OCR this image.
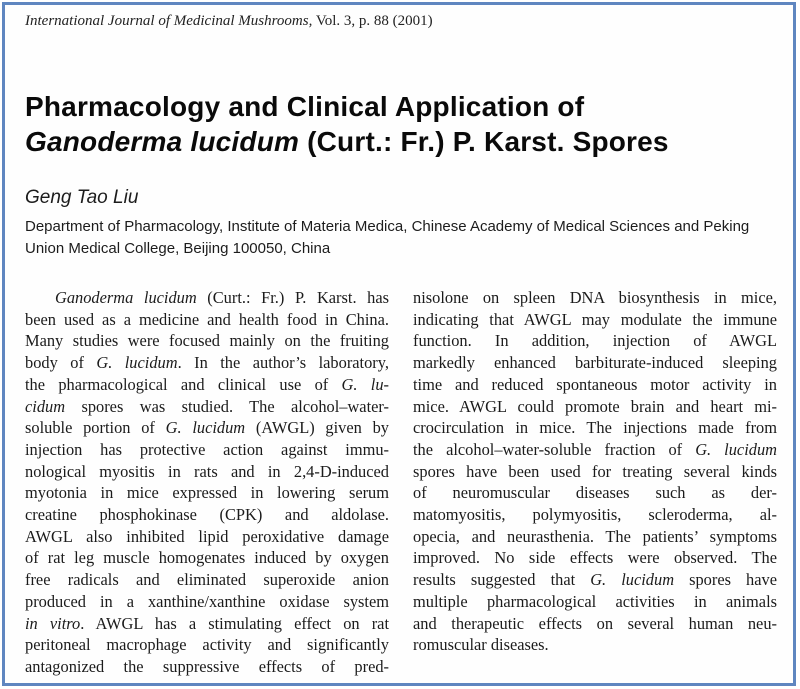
International Journal of Medicinal Mushrooms, Vol. 3, p. 88 (2001)
Pharmacology and Clinical Application of
Ganoderma lucidum (Curt.: Fr.) P. Karst. Spores
Geng Tao Liu
Department of Pharmacology, Institute of Materia Medica, Chinese Academy of Medical Sciences and Peking
Union Medical College, Beijing 100050, China
Ganoderma lucidum (Curt.: Fr.) P. Karst. has
been used as a medicine and health food in China.
Many studies were focused mainly on the fruiting
body of G. lucidum. In the author’s laboratory,
the pharmacological and clinical use of G. lu-
cidum spores was studied. The alcohol–water-
soluble portion of G. lucidum (AWGL) given by
injection has protective action against immu-
nological myositis in rats and in 2,4-D-induced
myotonia in mice expressed in lowering serum
creatine phosphokinase (CPK) and aldolase.
AWGL also inhibited lipid peroxidative damage
of rat leg muscle homogenates induced by oxygen
free radicals and eliminated superoxide anion
produced in a xanthine/xanthine oxidase system
in vitro. AWGL has a stimulating effect on rat
peritoneal macrophage activity and significantly
antagonized the suppressive effects of pred-
nisolone on spleen DNA biosynthesis in mice,
indicating that AWGL may modulate the immune
function. In addition, injection of AWGL
markedly enhanced barbiturate-induced sleeping
time and reduced spontaneous motor activity in
mice. AWGL could promote brain and heart mi-
crocirculation in mice. The injections made from
the alcohol–water-soluble fraction of G. lucidum
spores have been used for treating several kinds
of neuromuscular diseases such as der-
matomyositis, polymyositis, scleroderma, al-
opecia, and neurasthenia. The patients’ symptoms
improved. No side effects were observed. The
results suggested that G. lucidum spores have
multiple pharmacological activities in animals
and therapeutic effects on several human neu-
romuscular diseases.
